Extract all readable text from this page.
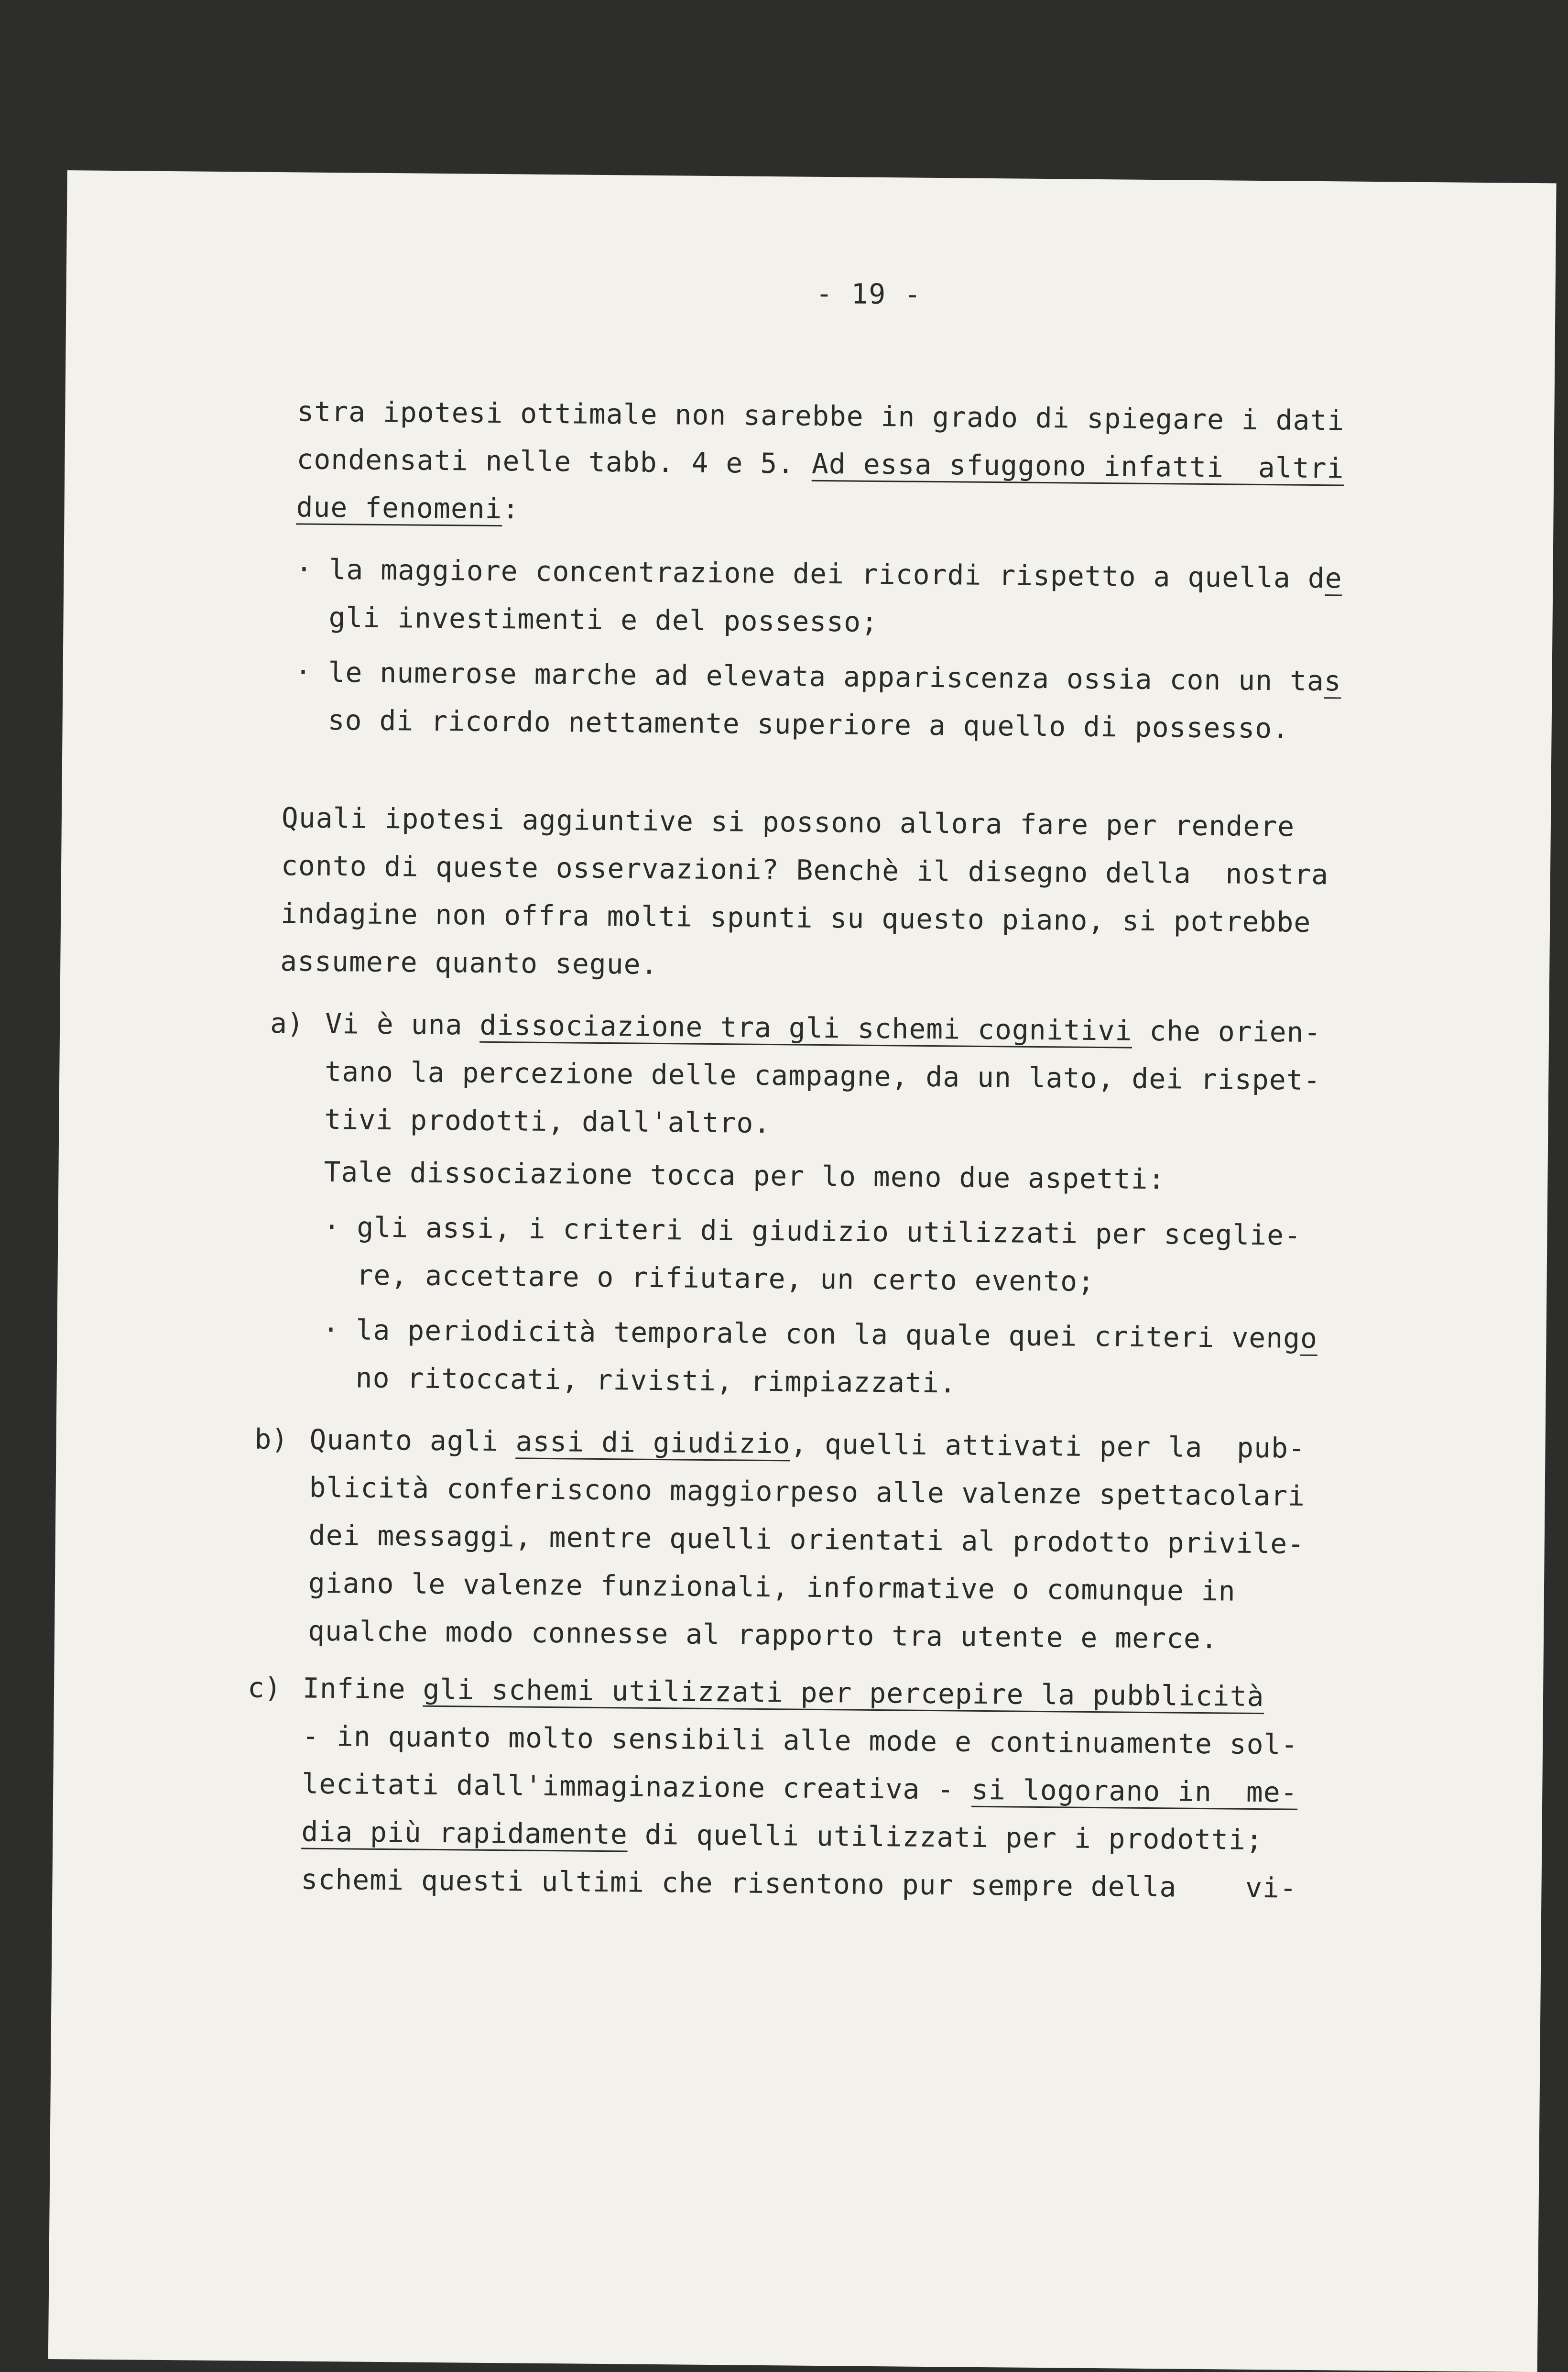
- 19 -
stra ipotesi ottimale non sarebbe in grado di spiegare i dati
condensati nelle tabb. 4 e 5. Ad essa sfuggono infatti  altri
due fenomeni:
· la maggiore concentrazione dei ricordi rispetto a quella de
gli investimenti e del possesso;
· le numerose marche ad elevata appariscenza ossia con un tas
so di ricordo nettamente superiore a quello di possesso.
Quali ipotesi aggiuntive si possono allora fare per rendere
conto di queste osservazioni? Benchè il disegno della  nostra
indagine non offra molti spunti su questo piano, si potrebbe
assumere quanto segue.
a) Vi è una dissociazione tra gli schemi cognitivi che orien-
tano la percezione delle campagne, da un lato, dei rispet-
tivi prodotti, dall'altro.
Tale dissociazione tocca per lo meno due aspetti:
· gli assi, i criteri di giudizio utilizzati per sceglie-
re, accettare o rifiutare, un certo evento;
· la periodicità temporale con la quale quei criteri vengo
no ritoccati, rivisti, rimpiazzati.
b) Quanto agli assi di giudizio, quelli attivati per la  pub-
blicità conferiscono maggiorpeso alle valenze spettacolari
dei messaggi, mentre quelli orientati al prodotto privile-
giano le valenze funzionali, informative o comunque in
qualche modo connesse al rapporto tra utente e merce.
c) Infine gli schemi utilizzati per percepire la pubblicità
- in quanto molto sensibili alle mode e continuamente sol-
lecitati dall'immaginazione creativa - si logorano in  me-
dia più rapidamente di quelli utilizzati per i prodotti;
schemi questi ultimi che risentono pur sempre della    vi-
